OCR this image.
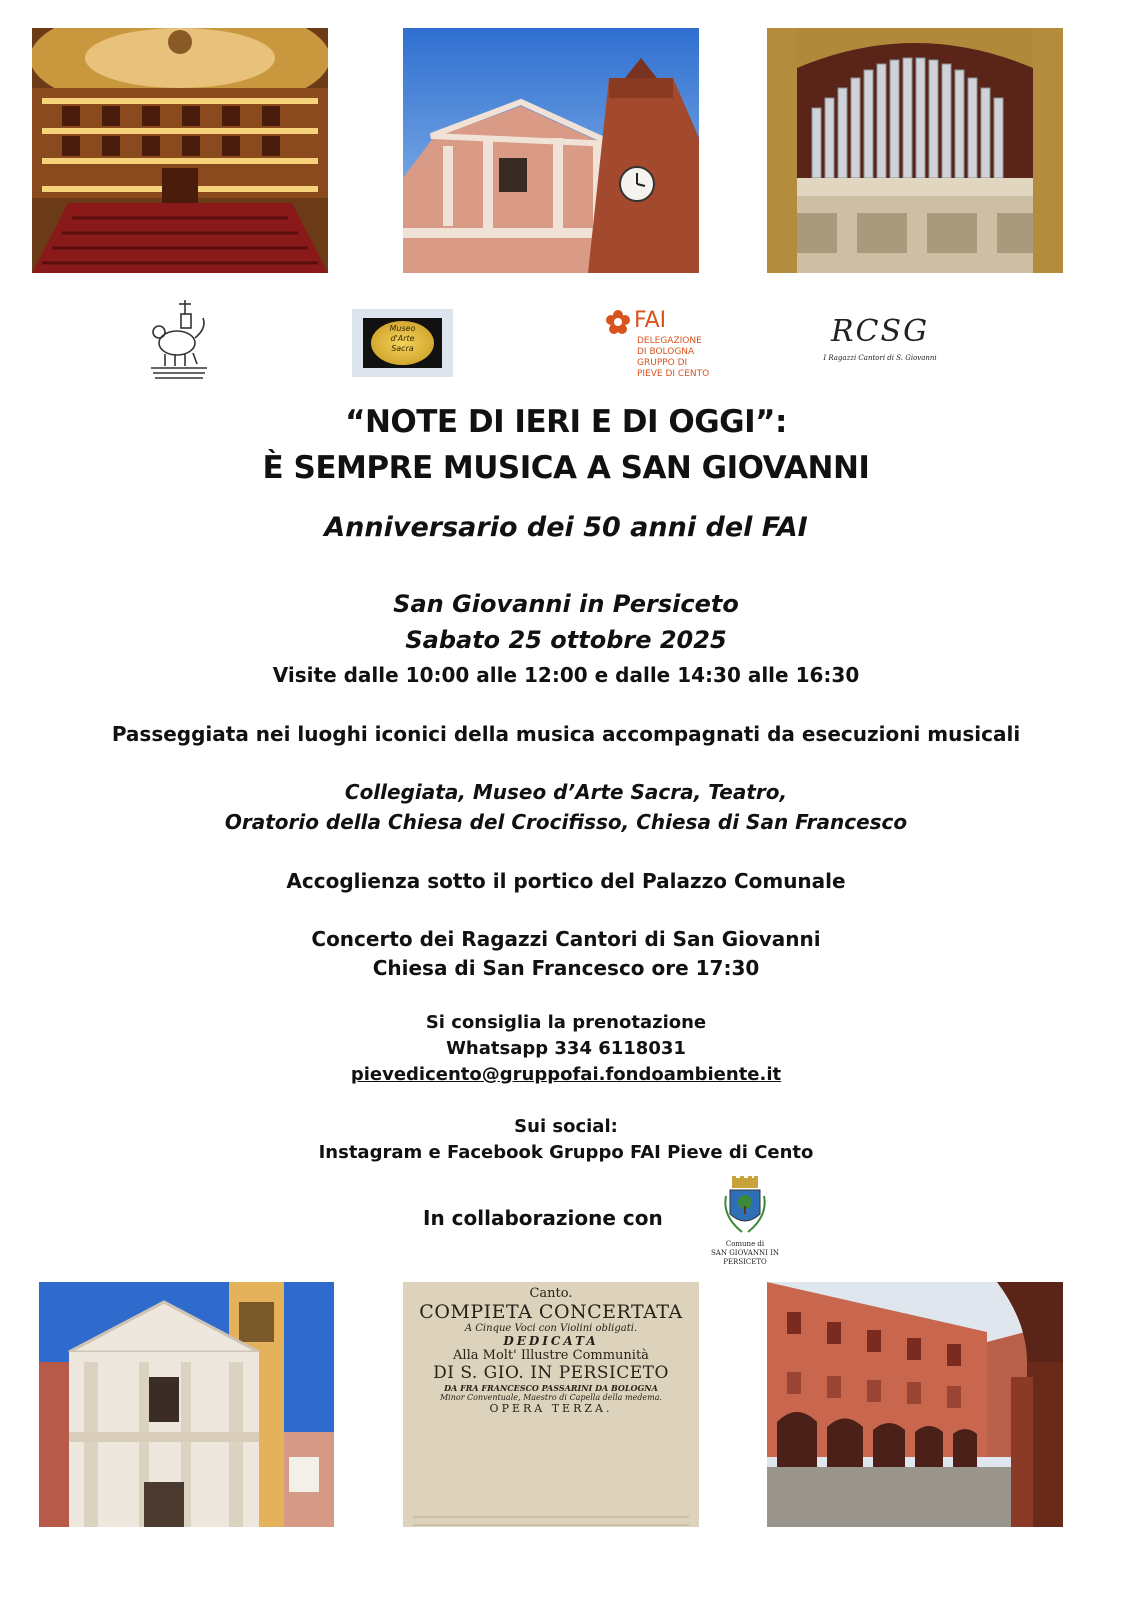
Museo
d'Arte
Sacra
FAI
DELEGAZIONE
DI BOLOGNA
GRUPPO DI
PIEVE DI CENTO
RCSG
I Ragazzi Cantori di S. Giovanni
“NOTE DI IERI E DI OGGI”:
È SEMPRE MUSICA A SAN GIOVANNI
Anniversario dei 50 anni del FAI
San Giovanni in Persiceto
Sabato 25 ottobre 2025
Visite dalle 10:00 alle 12:00 e dalle 14:30 alle 16:30
Passeggiata nei luoghi iconici della musica accompagnati da esecuzioni musicali
Collegiata, Museo d’Arte Sacra, Teatro,
Oratorio della Chiesa del Crocifisso, Chiesa di San Francesco
Accoglienza sotto il portico del Palazzo Comunale
Concerto dei Ragazzi Cantori di San Giovanni
Chiesa di San Francesco ore 17:30
Si consiglia la prenotazione
Whatsapp 334 6118031
pievedicento@gruppofai.fondoambiente.it
Sui social:
Instagram e Facebook Gruppo FAI Pieve di Cento
In collaborazione con
Comune di
SAN GIOVANNI IN PERSICETO
Canto.
COMPIETA CONCERTATA
A Cinque Voci con Violini obligati.
DEDICATA
Alla Molt' Illustre Communità
DI S. GIO. IN PERSICETO
DA FRA FRANCESCO PASSARINI DA BOLOGNA
Minor Conventuale, Maestro di Capella della medema.
OPERA TERZA.
